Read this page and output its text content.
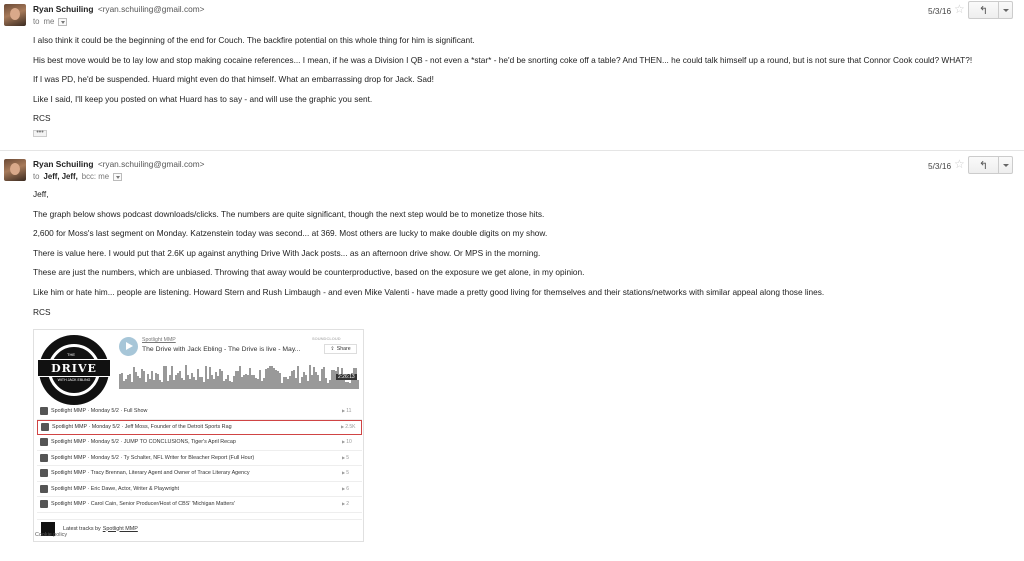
Ryan Schuiling <ryan.schuiling@gmail.com>
to me
5/3/16 ☆ ↰

I also think it could be the beginning of the end for Couch. The backfire potential on this whole thing for him is significant.

His best move would be to lay low and stop making cocaine references... I mean, if he was a Division I QB - not even a *star* - he'd be snorting coke off a table? And THEN... he could talk himself up a round, but is not sure that Connor Cook could? WHAT?!

If I was PD, he'd be suspended. Huard might even do that himself. What an embarrassing drop for Jack. Sad!

Like I said, I'll keep you posted on what Huard has to say - and will use the graphic you sent.

RCS

•••
Ryan Schuiling <ryan.schuiling@gmail.com>
to Jeff, Jeff, bcc: me
5/3/16 ☆ ↰

Jeff,

The graph below shows podcast downloads/clicks. The numbers are quite significant, though the next step would be to monetize those hits.

2,600 for Moss's last segment on Monday. Katzenstein today was second... at 369. Most others are lucky to make double digits on my show.

There is value here. I would put that 2.6K up against anything Drive With Jack posts... as an afternoon drive show. Or MPS in the morning.

These are just the numbers, which are unbiased. Throwing that away would be counterproductive, based on the exposure we get alone, in my opinion.

Like him or hate him... people are listening. Howard Stern and Rush Limbaugh - and even Mike Valenti - have made a pretty good living for themselves and their stations/networks with similar appeal along those lines.

RCS

THE
DRIVE
WITH JACK EBLING
Spotlight MMP
The Drive with Jack Ebling - The Drive is live - May...
SOUNDCLOUD
⇪ Share
2:26:13
Spotlight MMP · Monday 5/2 · Full Show	▶ 11
Spotlight MMP · Monday 5/2 · Jeff Moss, Founder of the Detroit Sports Rag	▶ 2.5K
Spotlight MMP · Monday 5/2 · JUMP TO CONCLUSIONS, Tiger's April Recap	▶ 10
Spotlight MMP · Monday 5/2 · Ty Schalter, NFL Writer for Bleacher Report (Full Hour)	▶ 5
Spotlight MMP · Tracy Brennan, Literary Agent and Owner of Trace Literary Agency	▶ 5
Spotlight MMP · Eric Dawe, Actor, Writer & Playwright	▶ 6
Spotlight MMP · Carol Cain, Senior Producer/Host of CBS' 'Michigan Matters'	▶ 2
Latest tracks by Spotlight MMP
Cookie policy
